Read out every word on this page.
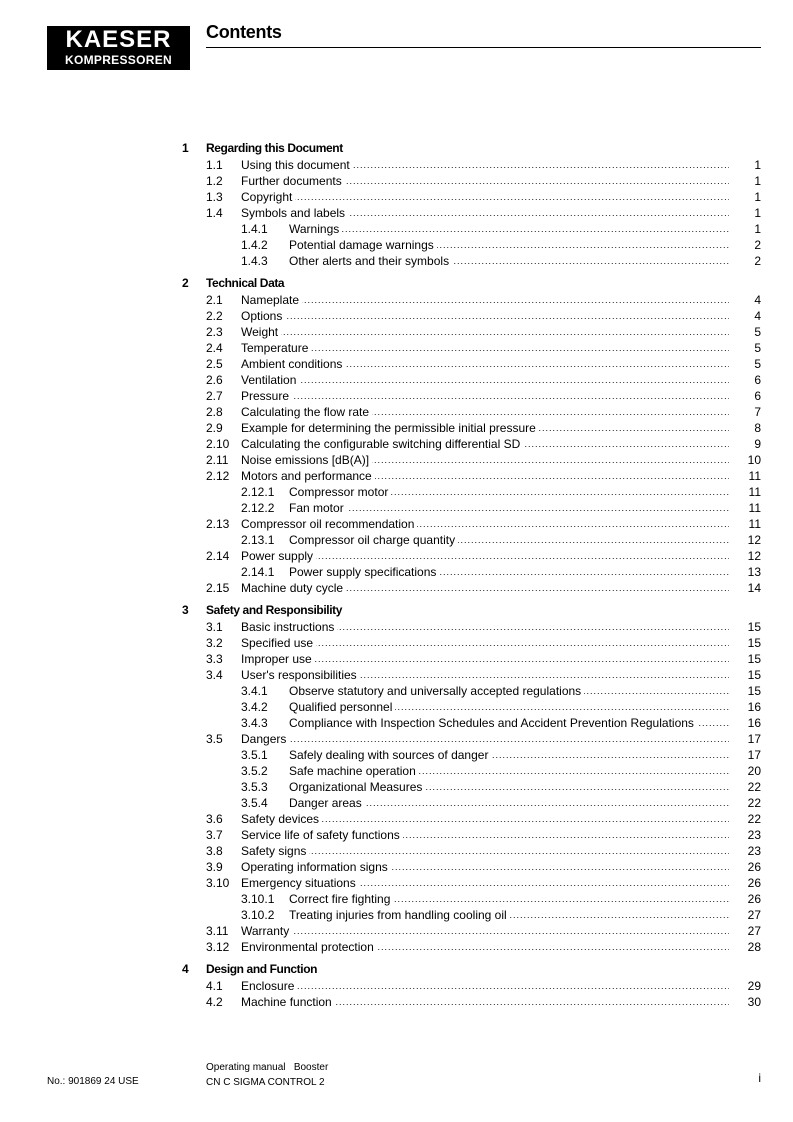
KAESER
KOMPRESSOREN
Contents
1 Regarding this Document
1.1 Using this document .....	1
1.2 Further documents .....	1
1.3 Copyright .....	1
1.4 Symbols and labels .....	1
1.4.1 Warnings .....	1
1.4.2 Potential damage warnings .....	2
1.4.3 Other alerts and their symbols .....	2
2 Technical Data
2.1 Nameplate .....	4
2.2 Options .....	4
2.3 Weight .....	5
2.4 Temperature .....	5
2.5 Ambient conditions .....	5
2.6 Ventilation .....	6
2.7 Pressure .....	6
2.8 Calculating the flow rate .....	7
2.9 Example for determining the permissible initial pressure .....	8
2.10 Calculating the configurable switching differential SD .....	9
2.11 Noise emissions [dB(A)] .....	10
2.12 Motors and performance .....	11
2.12.1 Compressor motor .....	11
2.12.2 Fan motor .....	11
2.13 Compressor oil recommendation .....	11
2.13.1 Compressor oil charge quantity .....	12
2.14 Power supply .....	12
2.14.1 Power supply specifications .....	13
2.15 Machine duty cycle .....	14
3 Safety and Responsibility
3.1 Basic instructions .....	15
3.2 Specified use .....	15
3.3 Improper use .....	15
3.4 User's responsibilities .....	15
3.4.1 Observe statutory and universally accepted regulations .....	15
3.4.2 Qualified personnel .....	16
3.4.3 Compliance with Inspection Schedules and Accident Prevention Regulations .....	16
3.5 Dangers .....	17
3.5.1 Safely dealing with sources of danger .....	17
3.5.2 Safe machine operation .....	20
3.5.3 Organizational Measures .....	22
3.5.4 Danger areas .....	22
3.6 Safety devices .....	22
3.7 Service life of safety functions .....	23
3.8 Safety signs .....	23
3.9 Operating information signs .....	26
3.10 Emergency situations .....	26
3.10.1 Correct fire fighting .....	26
3.10.2 Treating injuries from handling cooling oil .....	27
3.11 Warranty .....	27
3.12 Environmental protection .....	28
4 Design and Function
4.1 Enclosure .....	29
4.2 Machine function .....	30
No.: 901869 24 USE
Operating manual   Booster
CN C SIGMA CONTROL 2	i
